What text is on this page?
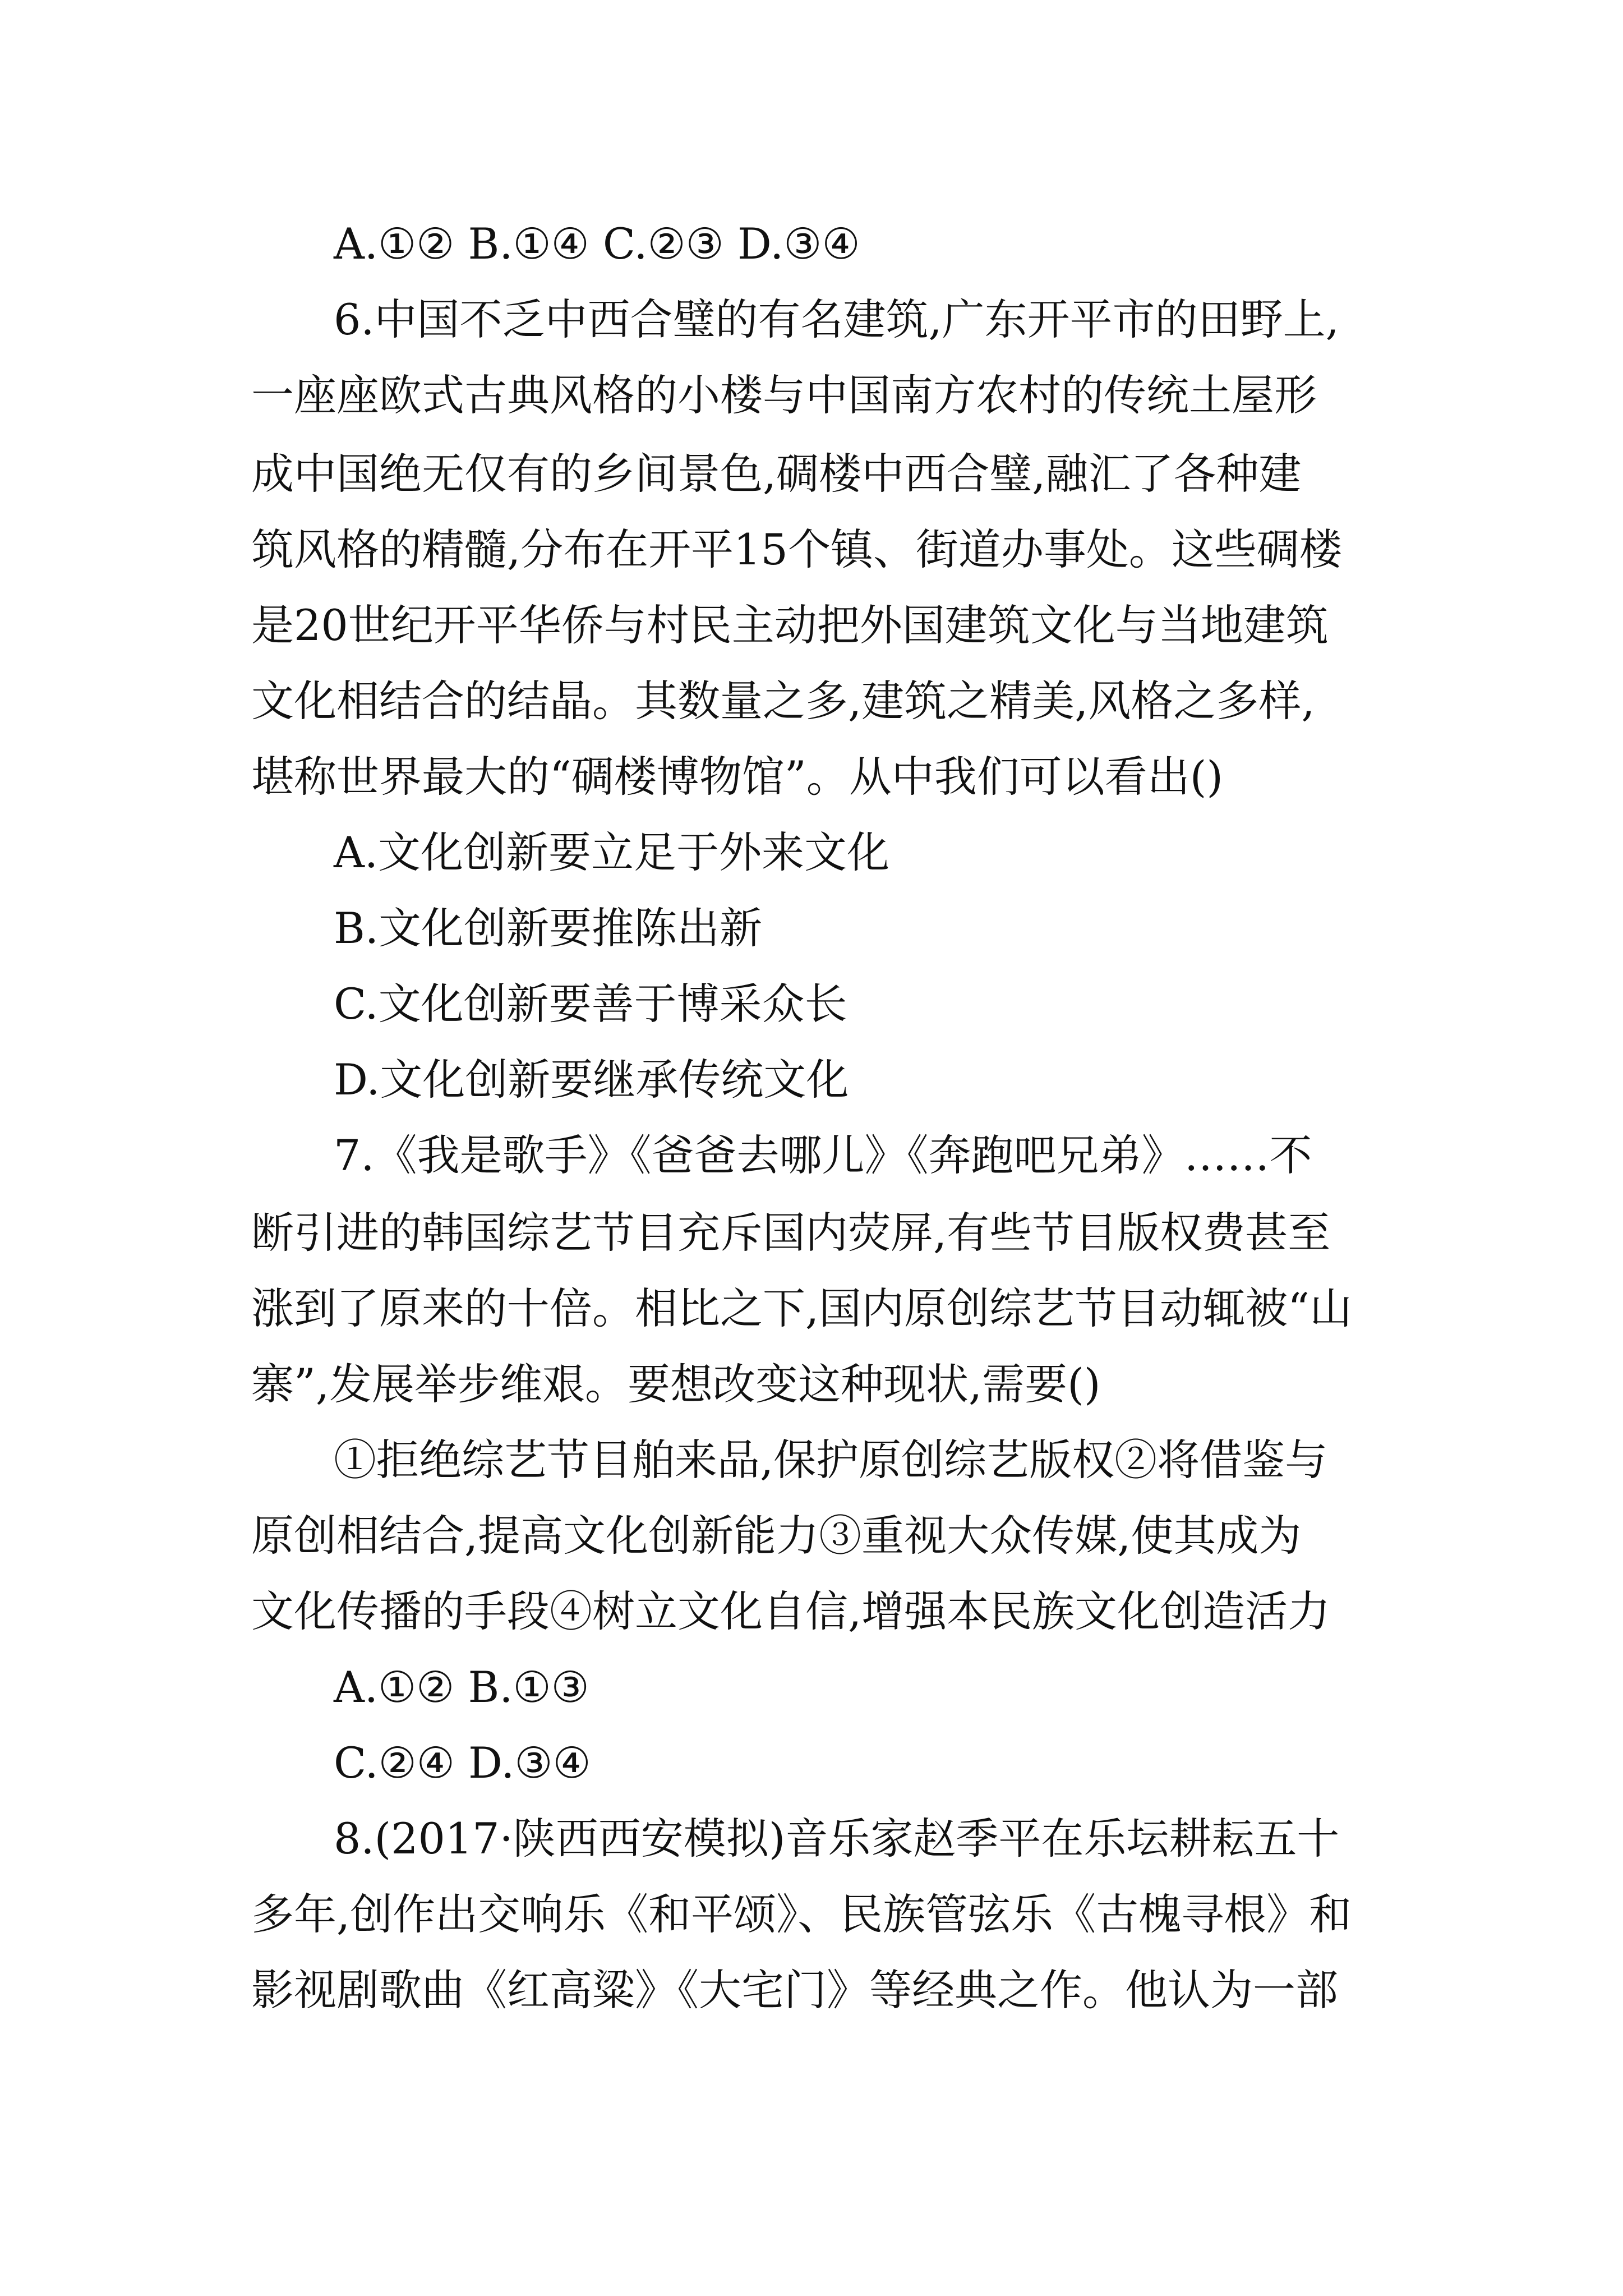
A.①② B.①④ C.②③ D.③④
6.中国不乏中西合璧的有名建筑,广东开平市的田野上,
一座座欧式古典风格的小楼与中国南方农村的传统土屋形
成中国绝无仅有的乡间景色,碉楼中西合璧,融汇了各种建
筑风格的精髓,分布在开平15个镇、街道办事处。这些碉楼
是20世纪开平华侨与村民主动把外国建筑文化与当地建筑
文化相结合的结晶。其数量之多,建筑之精美,风格之多样,
堪称世界最大的“碉楼博物馆”。从中我们可以看出()
A.文化创新要立足于外来文化
B.文化创新要推陈出新
C.文化创新要善于博采众长
D.文化创新要继承传统文化
7.《我是歌手》《爸爸去哪儿》《奔跑吧兄弟》……不
断引进的韩国综艺节目充斥国内荧屏,有些节目版权费甚至
涨到了原来的十倍。相比之下,国内原创综艺节目动辄被“山
寨”,发展举步维艰。要想改变这种现状,需要()
①拒绝综艺节目舶来品,保护原创综艺版权②将借鉴与
原创相结合,提高文化创新能力③重视大众传媒,使其成为
文化传播的手段④树立文化自信,增强本民族文化创造活力
A.①② B.①③
C.②④ D.③④
8.(2017·陕西西安模拟)音乐家赵季平在乐坛耕耘五十
多年,创作出交响乐《和平颂》、民族管弦乐《古槐寻根》和
影视剧歌曲《红高粱》《大宅门》等经典之作。他认为一部
